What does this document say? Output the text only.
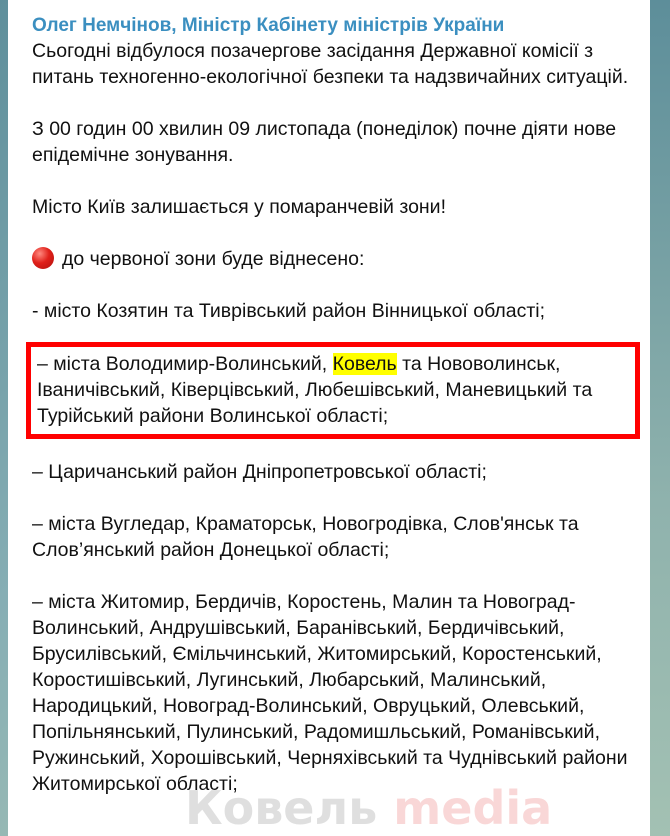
Олег Немчінов, Міністр Кабінету міністрів України

Сьогодні відбулося позачергове засідання Державної комісії з питань техногенно-екологічної безпеки та надзвичайних ситуацій.

З 00 годин 00 хвилин 09 листопада (понеділок) почне діяти нове епідемічне зонування.

Місто Київ залишається у помаранчевій зони!

до червоної зони буде віднесено:

- місто Козятин та Тиврівський район Вінницької області;

– міста Володимир-Волинський, Ковель та Нововолинськ, Іваничівський, Ківерцівський, Любешівський, Маневицький та Турійський райони Волинської області;

– Царичанський район Дніпропетровської області;

– міста Вугледар, Краматорськ, Новогродівка, Слов'янськ та Слов’янський район Донецької області;

– міста Житомир, Бердичів, Коростень, Малин та Новоград-Волинський, Андрушівський, Баранівський, Бердичівський, Брусилівський, Ємільчинський, Житомирський, Коростенський, Коростишівський, Лугинський, Любарський, Малинський, Народицький, Новоград-Волинський, Овруцький, Олевський, Попільнянський, Пулинський, Радомишльський, Романівський, Ружинський, Хорошівський, Черняхівський та Чуднівський райони Житомирської області;

Ковель media
